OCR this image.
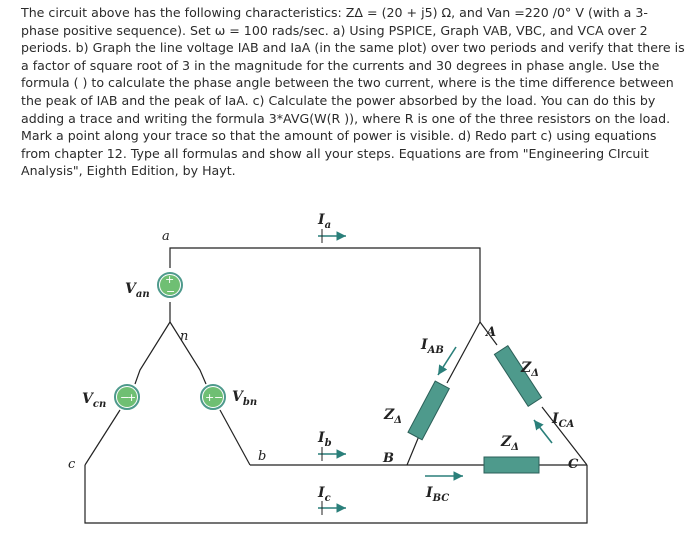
The circuit above has the following characteristics: ZΔ = (20 + j5) Ω, and Van =220 /0° V (with a 3-phase positive sequence). Set ω = 100 rads/sec. a) Using PSPICE, Graph VAB, VBC, and VCA over 2 periods. b) Graph the line voltage IAB and IaA (in the same plot) over two periods and verify that there is a factor of square root of 3 in the magnitude for the currents and 30 degrees in phase angle. Use the formula ( ) to calculate the phase angle between the two current, where is the time difference between the peak of IAB and the peak of IaA. c) Calculate the power absorbed by the load. You can do this by adding a trace and writing the formula 3*AVG(W(R )), where R is one of the three resistors on the load. Mark a point along your trace so that the amount of power is visible. d) Redo part c) using equations from chapter 12. Type all formulas and show all your steps. Equations are from "Engineering CIrcuit Analysis", Eighth Edition, by Hayt.

+
−
−
+	+ −
a
n
b
c
A
B	C
$V_{an}$
$V_{cn}$	$V_{bn}$
$I_a$
$I_b$
$I_c$
$I_{AB}$
$I_{BC}$
$I_{CA}$
$Z_\Delta$
$Z_\Delta$
$Z_\Delta$
